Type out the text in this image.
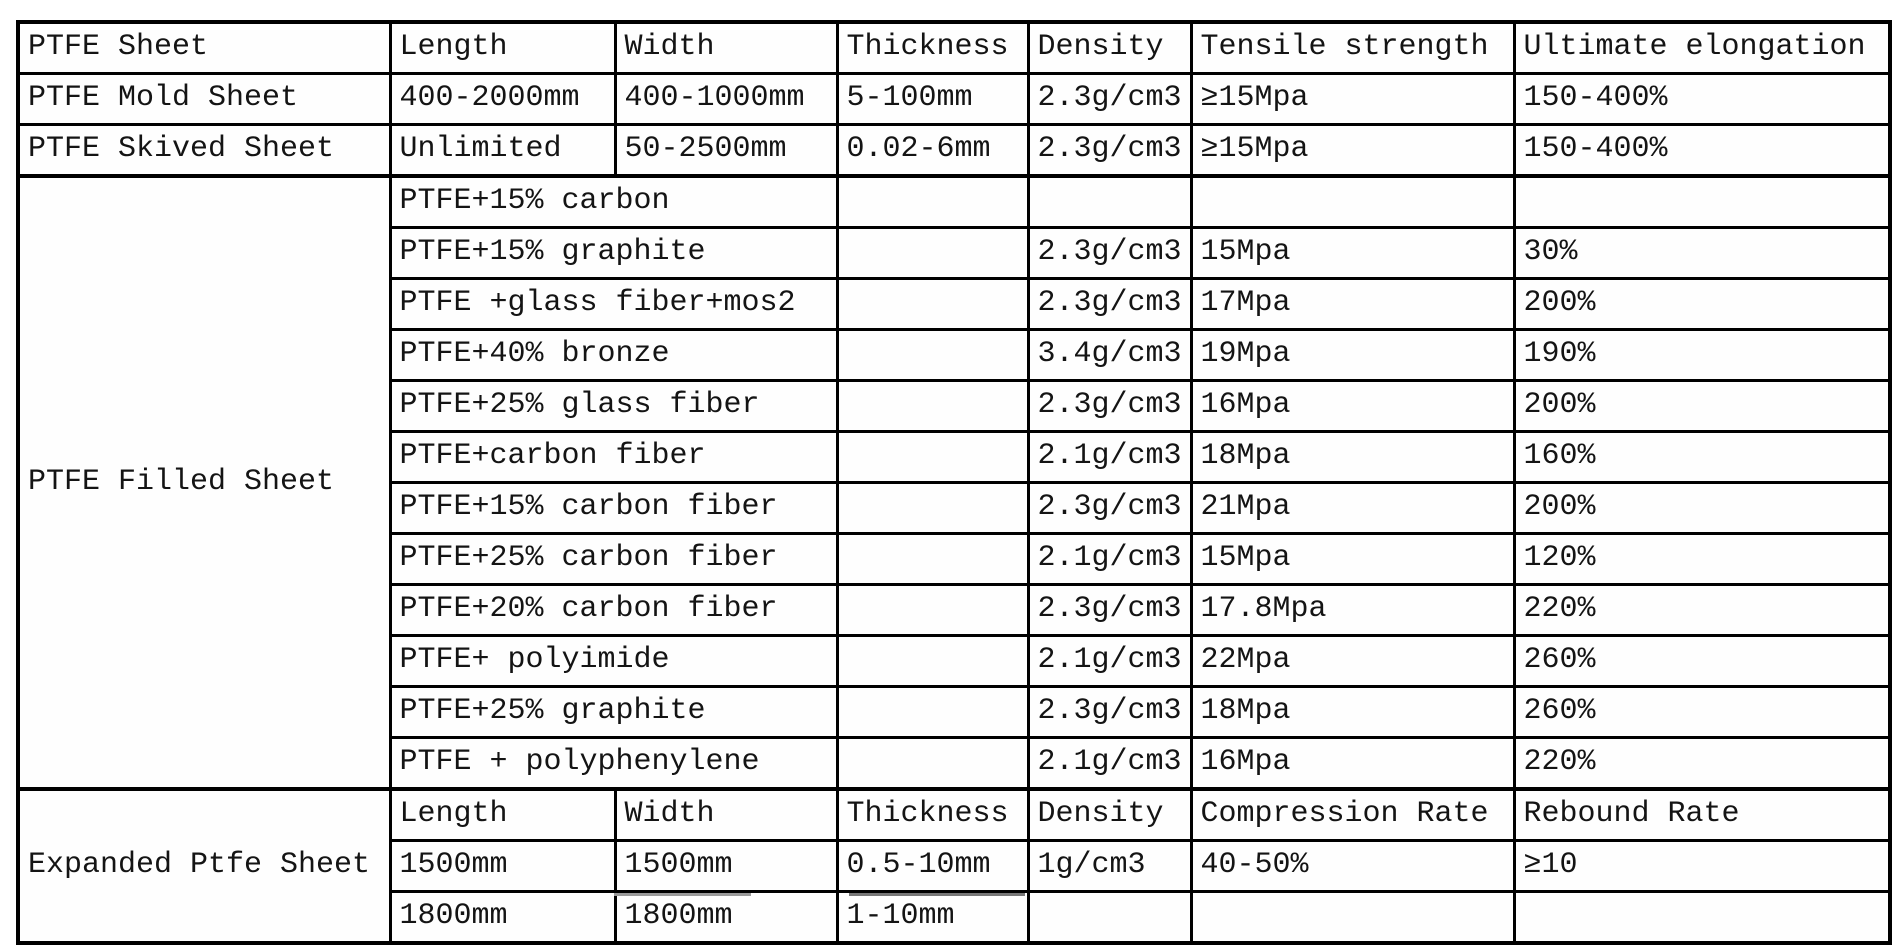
PTFE Sheet	Length	Width	Thickness	Density	Tensile strength	Ultimate elongation
PTFE Mold Sheet	400-2000mm	400-1000mm	5-100mm	2.3g/cm3	≥15Mpa	150-400%
PTFE Skived Sheet	Unlimited	50-2500mm	0.02-6mm	2.3g/cm3	≥15Mpa	150-400%
PTFE Filled Sheet	PTFE+15% carbon					
	PTFE+15% graphite			2.3g/cm3	15Mpa	30%
	PTFE +glass fiber+mos2			2.3g/cm3	17Mpa	200%
	PTFE+40% bronze			3.4g/cm3	19Mpa	190%
	PTFE+25% glass fiber			2.3g/cm3	16Mpa	200%
	PTFE+carbon fiber			2.1g/cm3	18Mpa	160%
	PTFE+15% carbon fiber			2.3g/cm3	21Mpa	200%
	PTFE+25% carbon fiber			2.1g/cm3	15Mpa	120%
	PTFE+20% carbon fiber			2.3g/cm3	17.8Mpa	220%
	PTFE+ polyimide			2.1g/cm3	22Mpa	260%
	PTFE+25% graphite			2.3g/cm3	18Mpa	260%
	PTFE + polyphenylene			2.1g/cm3	16Mpa	220%
Expanded Ptfe Sheet	Length	Width	Thickness	Density	Compression Rate	Rebound Rate
	1500mm	1500mm	0.5-10mm	1g/cm3	40-50%	≥10
	1800mm	1800mm	1-10mm			
